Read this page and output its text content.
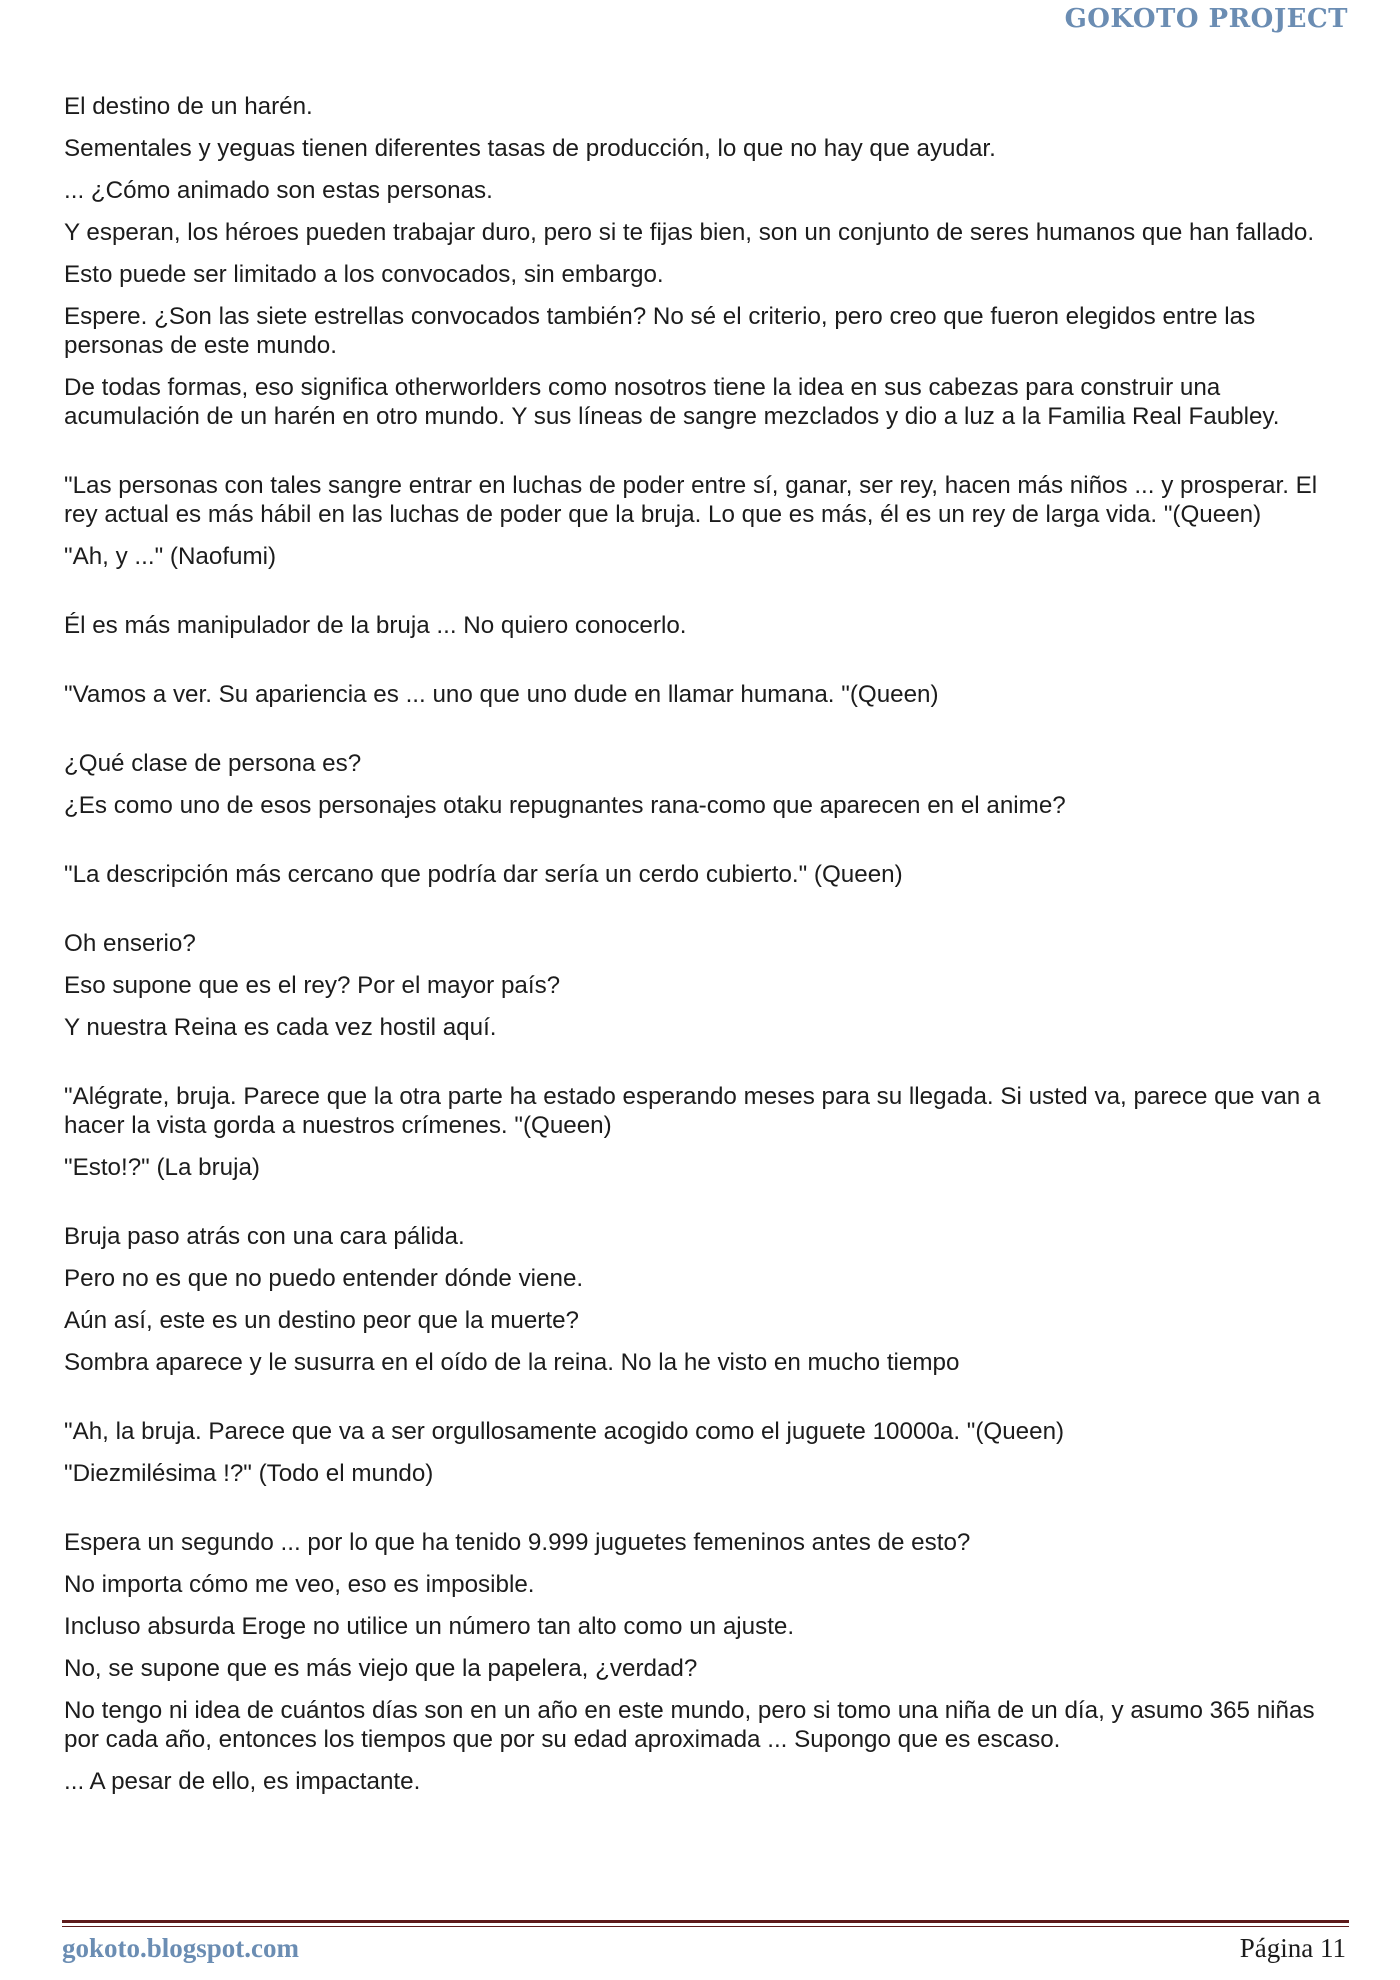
GOKOTO PROJECT

El destino de un harén.

Sementales y yeguas tienen diferentes tasas de producción, lo que no hay que ayudar.

... ¿Cómo animado son estas personas.

Y esperan, los héroes pueden trabajar duro, pero si te fijas bien, son un conjunto de seres humanos que han fallado.

Esto puede ser limitado a los convocados, sin embargo.

Espere. ¿Son las siete estrellas convocados también? No sé el criterio, pero creo que fueron elegidos entre las personas de este mundo.

De todas formas, eso significa otherworlders como nosotros tiene la idea en sus cabezas para construir una acumulación de un harén en otro mundo. Y sus líneas de sangre mezclados y dio a luz a la Familia Real Faubley.

"Las personas con tales sangre entrar en luchas de poder entre sí, ganar, ser rey, hacen más niños ... y prosperar. El rey actual es más hábil en las luchas de poder que la bruja. Lo que es más, él es un rey de larga vida. "(Queen)

"Ah, y ..." (Naofumi)

Él es más manipulador de la bruja ... No quiero conocerlo.

"Vamos a ver. Su apariencia es ... uno que uno dude en llamar humana. "(Queen)

¿Qué clase de persona es?

¿Es como uno de esos personajes otaku repugnantes rana-como que aparecen en el anime?

"La descripción más cercano que podría dar sería un cerdo cubierto." (Queen)

Oh enserio?

Eso supone que es el rey? Por el mayor país?

Y nuestra Reina es cada vez hostil aquí.

"Alégrate, bruja. Parece que la otra parte ha estado esperando meses para su llegada. Si usted va, parece que van a hacer la vista gorda a nuestros crímenes. "(Queen)

"Esto!?" (La bruja)

Bruja paso atrás con una cara pálida.

Pero no es que no puedo entender dónde viene.

Aún así, este es un destino peor que la muerte?

Sombra aparece y le susurra en el oído de la reina. No la he visto en mucho tiempo

"Ah, la bruja. Parece que va a ser orgullosamente acogido como el juguete 10000a. "(Queen)

"Diezmilésima !?" (Todo el mundo)

Espera un segundo ... por lo que ha tenido 9.999 juguetes femeninos antes de esto?

No importa cómo me veo, eso es imposible.

Incluso absurda Eroge no utilice un número tan alto como un ajuste.

No, se supone que es más viejo que la papelera, ¿verdad?

No tengo ni idea de cuántos días son en un año en este mundo, pero si tomo una niña de un día, y asumo 365 niñas por cada año, entonces los tiempos que por su edad aproximada ... Supongo que es escaso.

... A pesar de ello, es impactante.

gokoto.blogspot.com	Página 11
